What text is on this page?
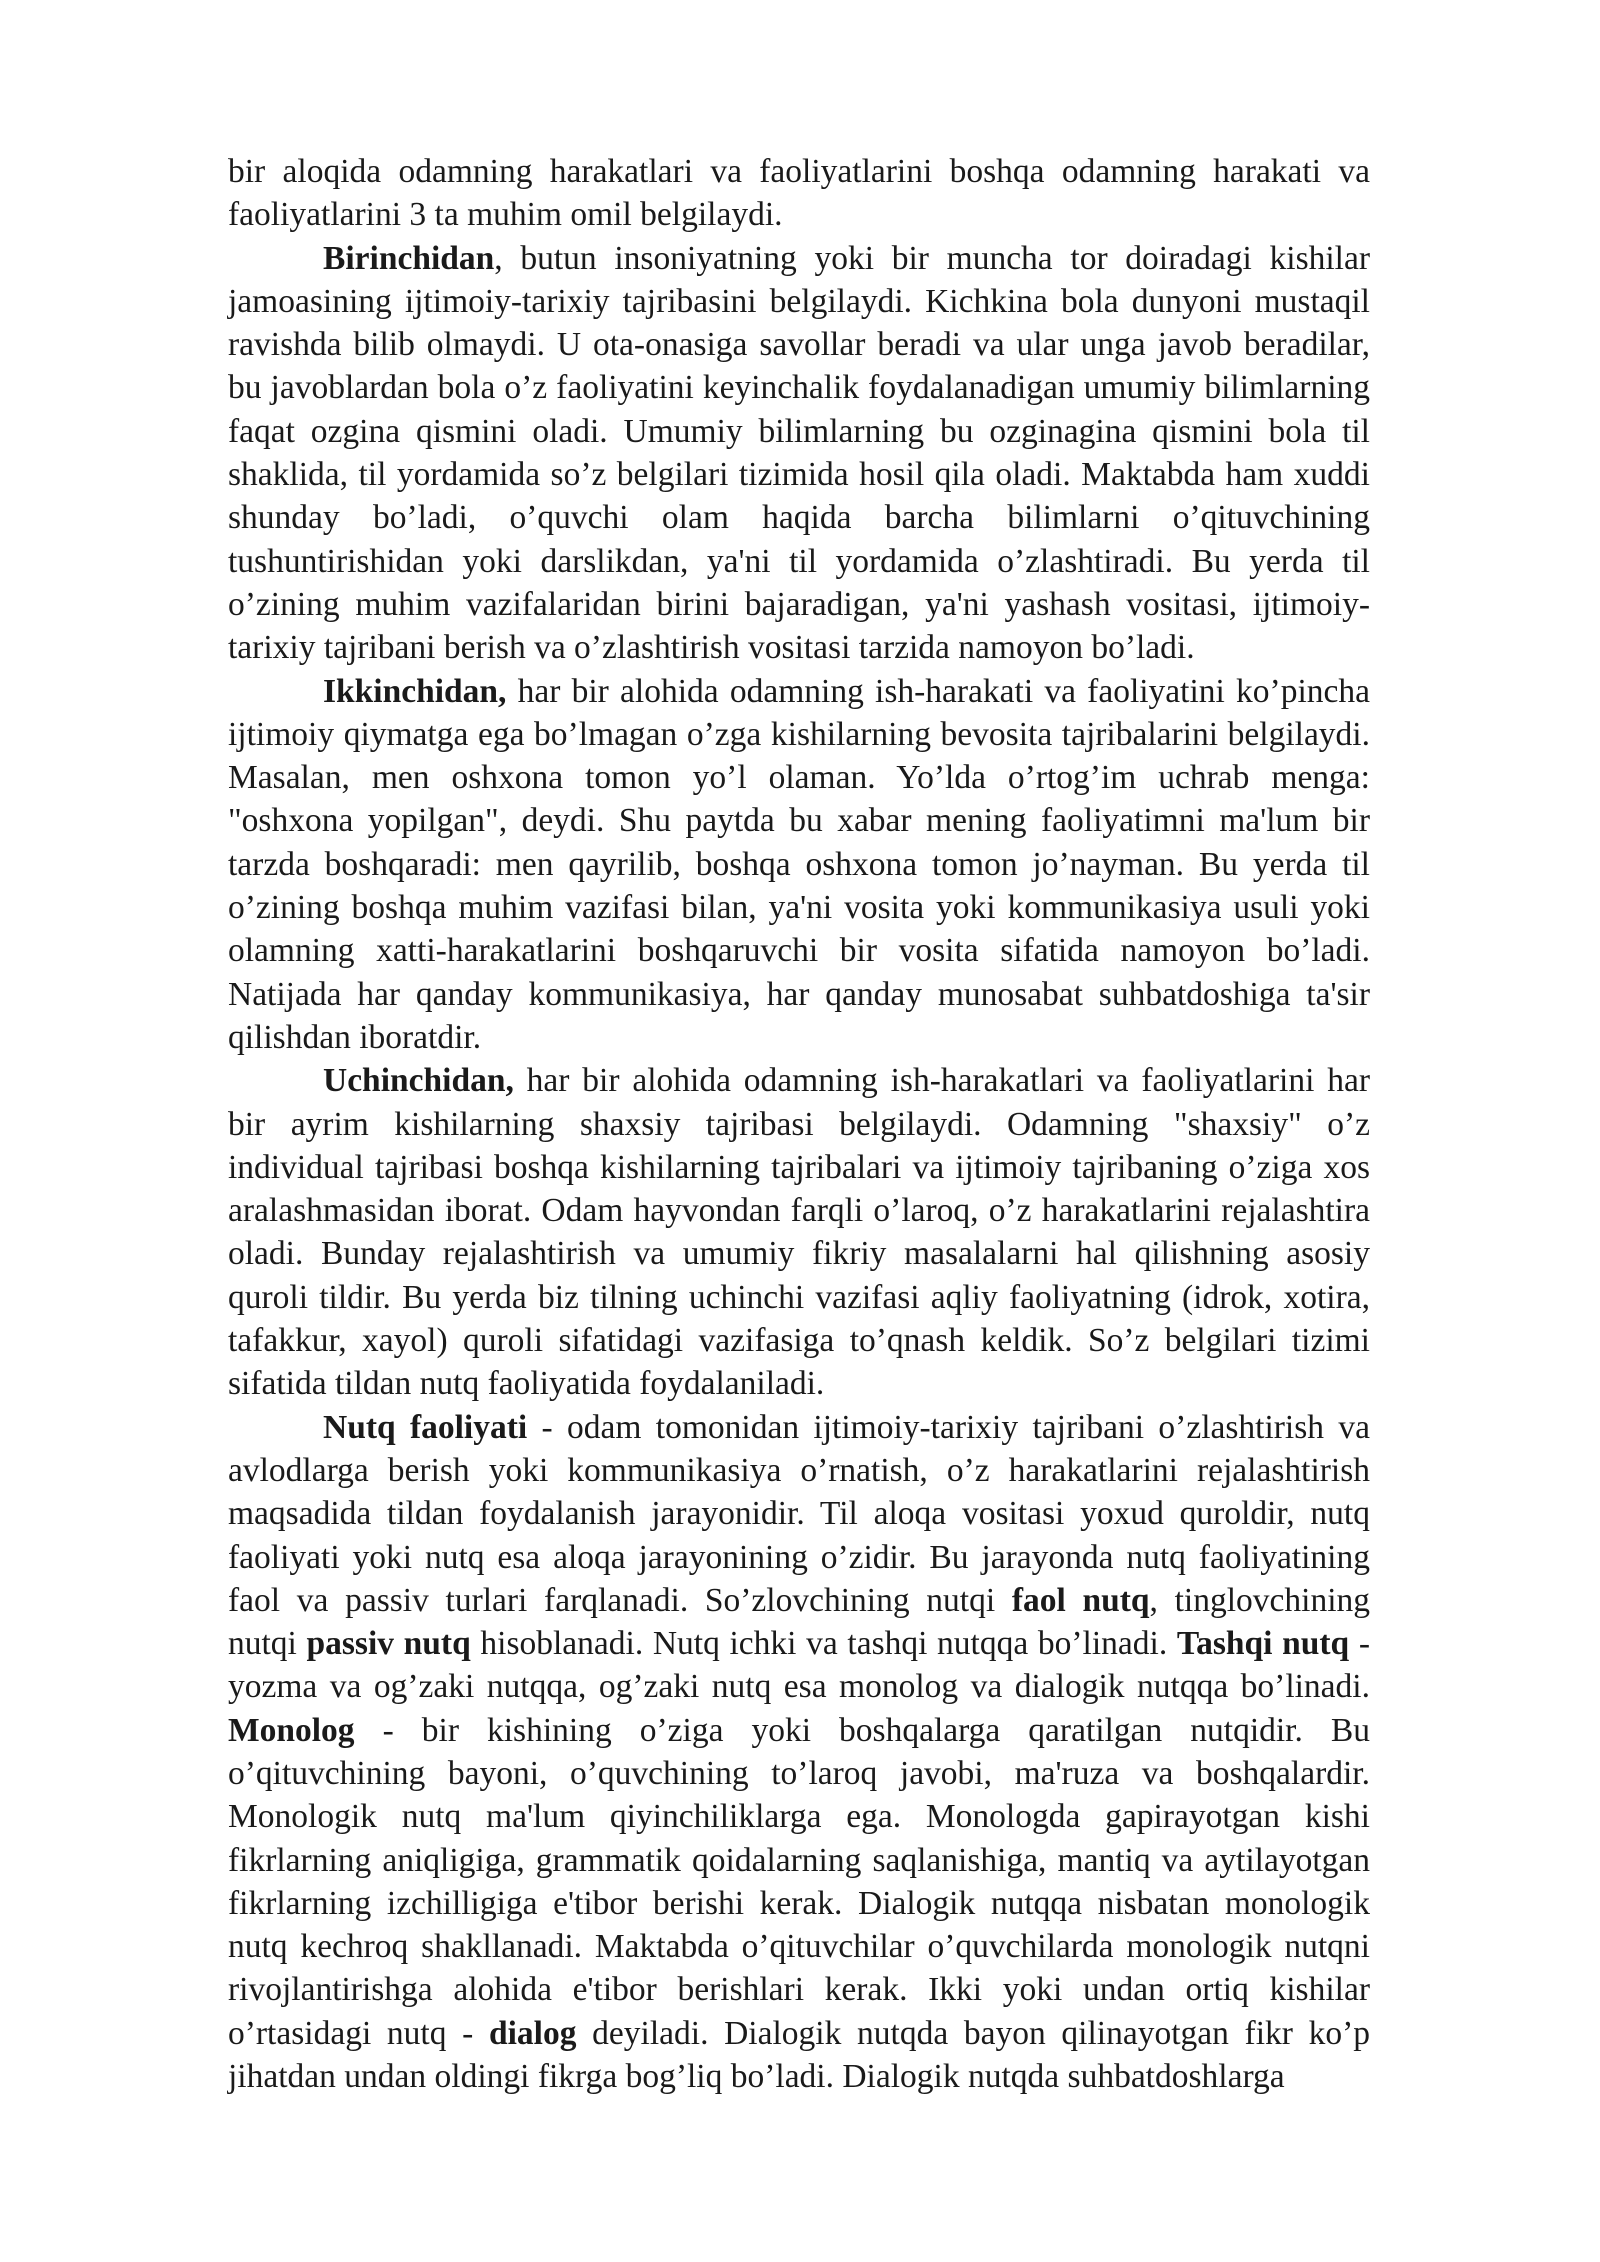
bir aloqida odamning harakatlari va faoliyatlarini boshqa odamning harakati va faoliyatlarini 3 ta muhim omil belgilaydi.

Birinchidan, butun insoniyatning yoki bir muncha tor doiradagi kishilar jamoasining ijtimoiy-tarixiy tajribasini belgilaydi. Kichkina bola dunyoni mustaqil ravishda bilib olmaydi. U ota-onasiga savollar beradi va ular unga javob beradilar, bu javoblardan bola o’z faoliyatini keyinchalik foydalanadigan umumiy bilimlarning faqat ozgina qismini oladi. Umumiy bilimlarning bu ozginagina qismini bola til shaklida, til yordamida so’z belgilari tizimida hosil qila oladi. Maktabda ham xuddi shunday bo’ladi, o’quvchi olam haqida barcha bilimlarni o’qituvchining tushuntirishidan yoki darslikdan, ya'ni til yordamida o’zlashtiradi. Bu yerda til o’zining muhim vazifalaridan birini bajaradigan, ya'ni yashash vositasi, ijtimoiy-tarixiy tajribani berish va o’zlashtirish vositasi tarzida namoyon bo’ladi.

Ikkinchidan, har bir alohida odamning ish-harakati va faoliyatini ko’pincha ijtimoiy qiymatga ega bo’lmagan o’zga kishilarning bevosita tajribalarini belgilaydi. Masalan, men oshxona tomon yo’l olaman. Yo’lda o’rtog’im uchrab menga: "oshxona yopilgan", deydi. Shu paytda bu xabar mening faoliyatimni ma'lum bir tarzda boshqaradi: men qayrilib, boshqa oshxona tomon jo’nayman. Bu yerda til o’zining boshqa muhim vazifasi bilan, ya'ni vosita yoki kommunikasiya usuli yoki olamning xatti-harakatlarini boshqaruvchi bir vosita sifatida namoyon bo’ladi. Natijada har qanday kommunikasiya, har qanday munosabat suhbatdoshiga ta'sir qilishdan iboratdir.

Uchinchidan, har bir alohida odamning ish-harakatlari va faoliyatlarini har bir ayrim kishilarning shaxsiy tajribasi belgilaydi. Odamning "shaxsiy" o’z individual tajribasi boshqa kishilarning tajribalari va ijtimoiy tajribaning o’ziga xos aralashmasidan iborat. Odam hayvondan farqli o’laroq, o’z harakatlarini rejalashtira oladi. Bunday rejalashtirish va umumiy fikriy masalalarni hal qilishning asosiy quroli tildir. Bu yerda biz tilning uchinchi vazifasi aqliy faoliyatning (idrok, xotira, tafakkur, xayol) quroli sifatidagi vazifasiga to’qnash keldik. So’z belgilari tizimi sifatida tildan nutq faoliyatida foydalaniladi.

Nutq faoliyati - odam tomonidan ijtimoiy-tarixiy tajribani o’zlashtirish va avlodlarga berish yoki kommunikasiya o’rnatish, o’z harakatlarini rejalashtirish maqsadida tildan foydalanish jarayonidir. Til aloqa vositasi yoxud quroldir, nutq faoliyati yoki nutq esa aloqa jarayonining o’zidir. Bu jarayonda nutq faoliyatining faol va passiv turlari farqlanadi. So’zlovchining nutqi faol nutq, tinglovchining nutqi passiv nutq hisoblanadi. Nutq ichki va tashqi nutqqa bo’linadi. Tashqi nutq - yozma va og’zaki nutqqa, og’zaki nutq esa monolog va dialogik nutqqa bo’linadi. Monolog - bir kishining o’ziga yoki boshqalarga qaratilgan nutqidir. Bu o’qituvchining bayoni, o’quvchining to’laroq javobi, ma'ruza va boshqalardir. Monologik nutq ma'lum qiyinchiliklarga ega. Monologda gapirayotgan kishi fikrlarning aniqligiga, grammatik qoidalarning saqlanishiga, mantiq va aytilayotgan fikrlarning izchilligiga e'tibor berishi kerak. Dialogik nutqqa nisbatan monologik nutq kechroq shakllanadi. Maktabda o’qituvchilar o’quvchilarda monologik nutqni rivojlantirishga alohida e'tibor berishlari kerak. Ikki yoki undan ortiq kishilar o’rtasidagi nutq - dialog deyiladi. Dialogik nutqda bayon qilinayotgan fikr ko’p jihatdan undan oldingi fikrga bog’liq bo’ladi. Dialogik nutqda suhbatdoshlarga
